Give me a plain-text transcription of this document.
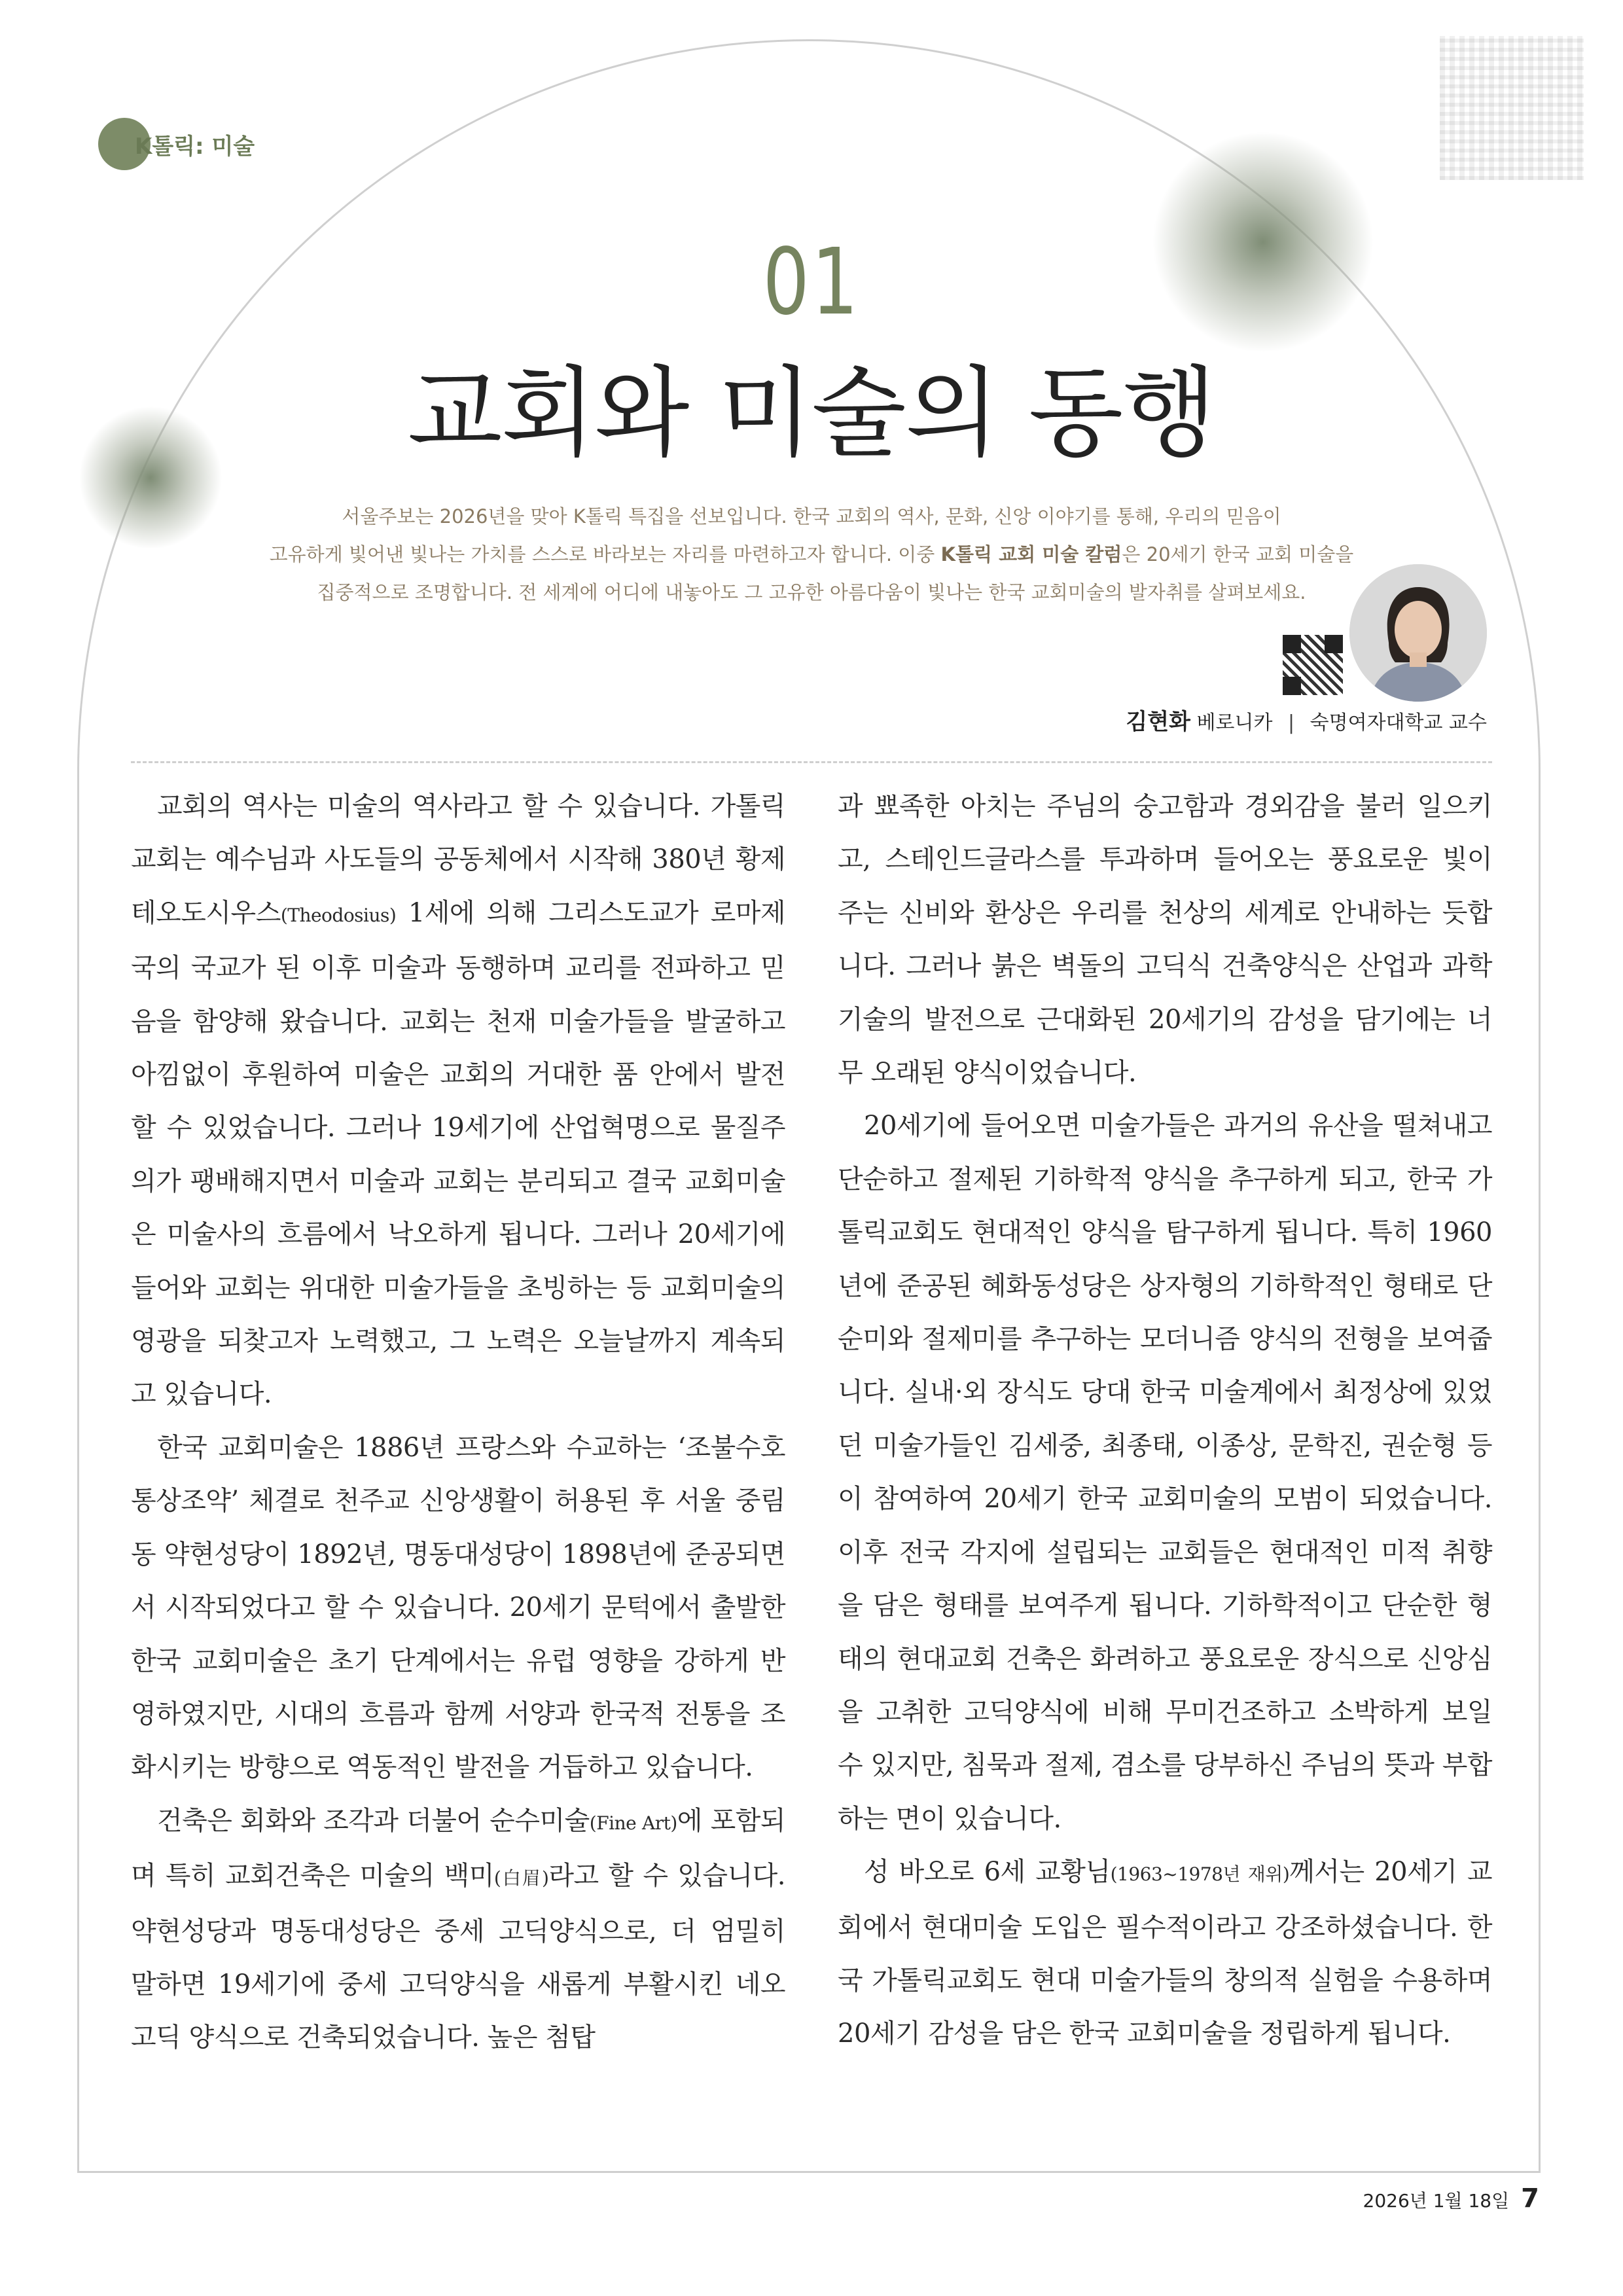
K톨릭: 미술
01
교회와 미술의 동행
서울주보는 2026년을 맞아 K톨릭 특집을 선보입니다. 한국 교회의 역사, 문화, 신앙 이야기를 통해, 우리의 믿음이
고유하게 빛어낸 빛나는 가치를 스스로 바라보는 자리를 마련하고자 합니다. 이중 K톨릭 교회 미술 칼럼은 20세기 한국 교회 미술을
집중적으로 조명합니다. 전 세계에 어디에 내놓아도 그 고유한 아름다움이 빛나는 한국 교회미술의 발자취를 살펴보세요.
김현화 베로니카 | 숙명여자대학교 교수

교회의 역사는 미술의 역사라고 할 수 있습니다. 가톨릭교회는 예수님과 사도들의 공동체에서 시작해 380년 황제 테오도시우스(Theodosius) 1세에 의해 그리스도교가 로마제국의 국교가 된 이후 미술과 동행하며 교리를 전파하고 믿음을 함양해 왔습니다. 교회는 천재 미술가들을 발굴하고 아낌없이 후원하여 미술은 교회의 거대한 품 안에서 발전할 수 있었습니다. 그러나 19세기에 산업혁명으로 물질주의가 팽배해지면서 미술과 교회는 분리되고 결국 교회미술은 미술사의 흐름에서 낙오하게 됩니다. 그러나 20세기에 들어와 교회는 위대한 미술가들을 초빙하는 등 교회미술의 영광을 되찾고자 노력했고, 그 노력은 오늘날까지 계속되고 있습니다.

한국 교회미술은 1886년 프랑스와 수교하는 ‘조불수호통상조약’ 체결로 천주교 신앙생활이 허용된 후 서울 중림동 약현성당이 1892년, 명동대성당이 1898년에 준공되면서 시작되었다고 할 수 있습니다. 20세기 문턱에서 출발한 한국 교회미술은 초기 단계에서는 유럽 영향을 강하게 반영하였지만, 시대의 흐름과 함께 서양과 한국적 전통을 조화시키는 방향으로 역동적인 발전을 거듭하고 있습니다.

건축은 회화와 조각과 더불어 순수미술(Fine Art)에 포함되며 특히 교회건축은 미술의 백미(白眉)라고 할 수 있습니다. 약현성당과 명동대성당은 중세 고딕양식으로, 더 엄밀히 말하면 19세기에 중세 고딕양식을 새롭게 부활시킨 네오고딕 양식으로 건축되었습니다. 높은 첨탑

과 뾰족한 아치는 주님의 숭고함과 경외감을 불러 일으키고, 스테인드글라스를 투과하며 들어오는 풍요로운 빛이 주는 신비와 환상은 우리를 천상의 세계로 안내하는 듯합니다. 그러나 붉은 벽돌의 고딕식 건축양식은 산업과 과학기술의 발전으로 근대화된 20세기의 감성을 담기에는 너무 오래된 양식이었습니다.

20세기에 들어오면 미술가들은 과거의 유산을 떨쳐내고 단순하고 절제된 기하학적 양식을 추구하게 되고, 한국 가톨릭교회도 현대적인 양식을 탐구하게 됩니다. 특히 1960년에 준공된 혜화동성당은 상자형의 기하학적인 형태로 단순미와 절제미를 추구하는 모더니즘 양식의 전형을 보여줍니다. 실내·외 장식도 당대 한국 미술계에서 최정상에 있었던 미술가들인 김세중, 최종태, 이종상, 문학진, 권순형 등이 참여하여 20세기 한국 교회미술의 모범이 되었습니다. 이후 전국 각지에 설립되는 교회들은 현대적인 미적 취향을 담은 형태를 보여주게 됩니다. 기하학적이고 단순한 형태의 현대교회 건축은 화려하고 풍요로운 장식으로 신앙심을 고취한 고딕양식에 비해 무미건조하고 소박하게 보일 수 있지만, 침묵과 절제, 겸소를 당부하신 주님의 뜻과 부합하는 면이 있습니다.

성 바오로 6세 교황님(1963~1978년 재위)께서는 20세기 교회에서 현대미술 도입은 필수적이라고 강조하셨습니다. 한국 가톨릭교회도 현대 미술가들의 창의적 실험을 수용하며 20세기 감성을 담은 한국 교회미술을 정립하게 됩니다.

2026년 1월 18일 7
